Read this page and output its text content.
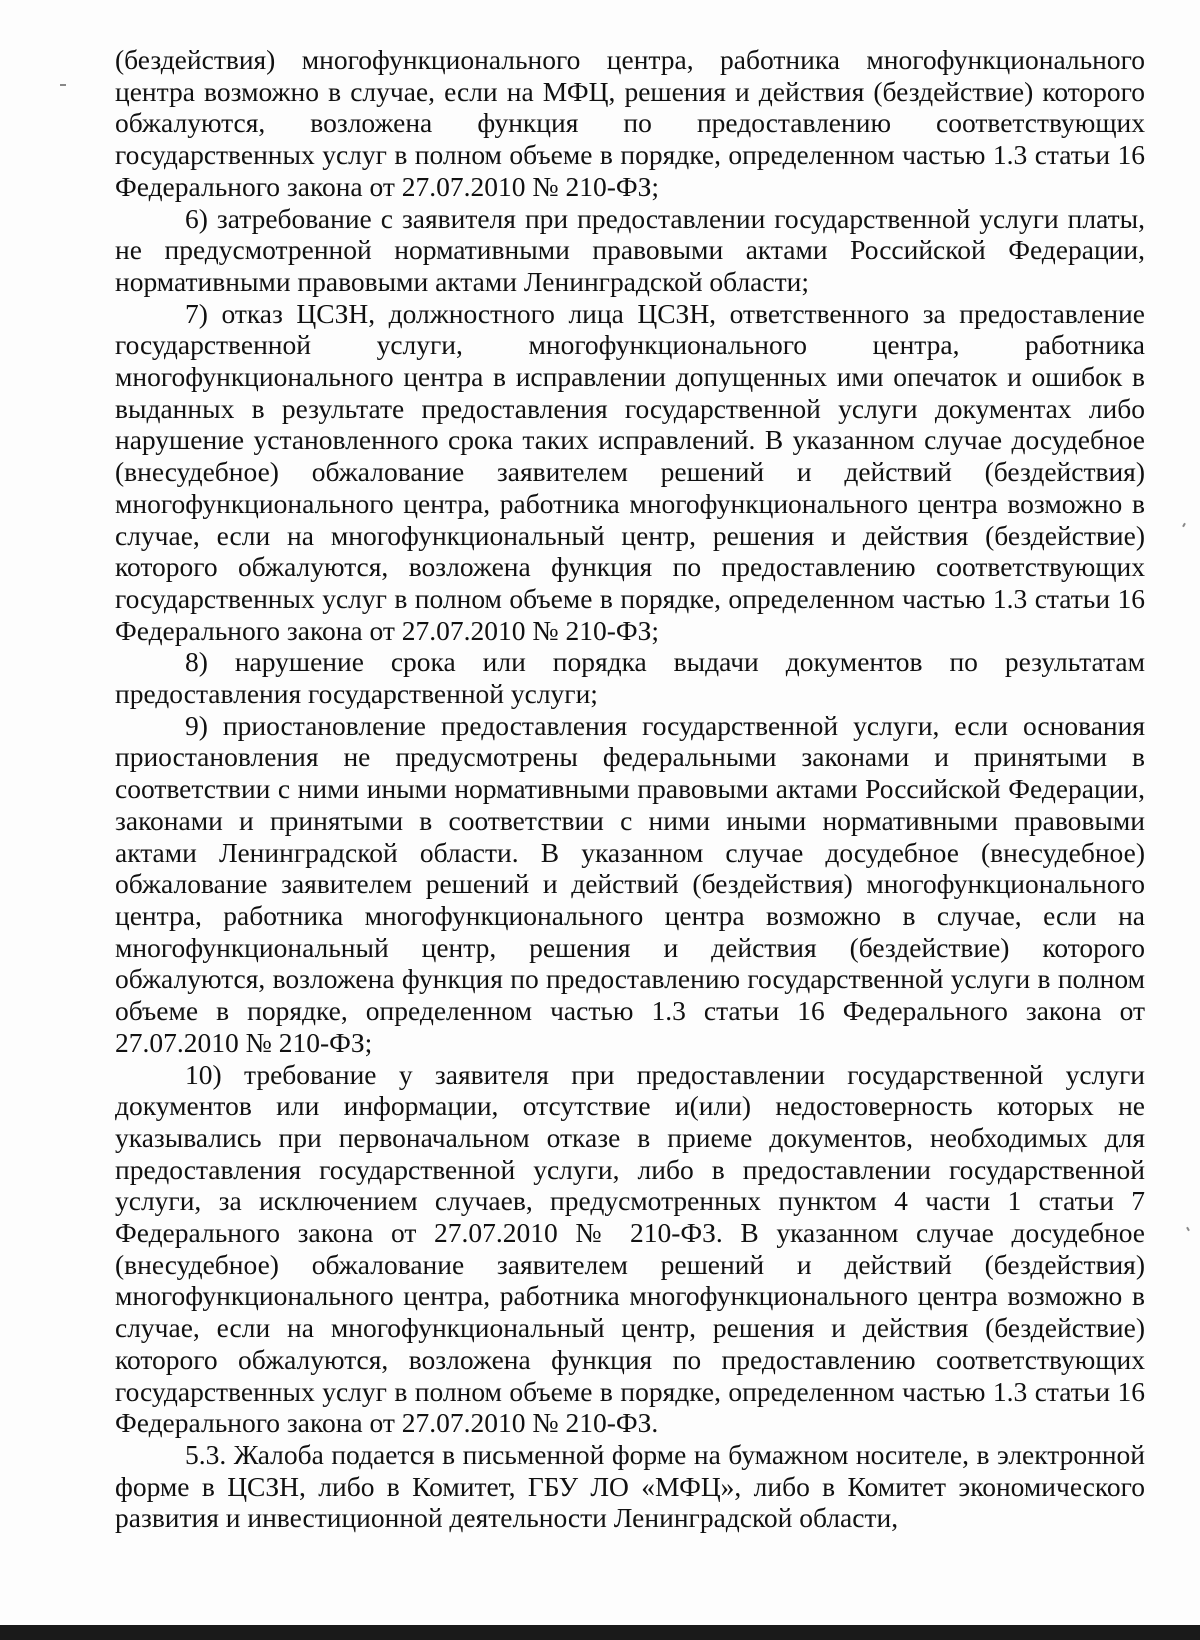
(бездействия) многофункционального центра, работника многофункционального центра возможно в случае, если на МФЦ, решения и действия (бездействие) которого обжалуются, возложена функция по предоставлению соответствующих государственных услуг в полном объеме в порядке, определенном частью 1.3 статьи 16 Федерального закона от 27.07.2010 № 210-ФЗ;

6) затребование с заявителя при предоставлении государственной услуги платы, не предусмотренной нормативными правовыми актами Российской Федерации, нормативными правовыми актами Ленинградской области;

7) отказ ЦСЗН, должностного лица ЦСЗН, ответственного за предоставление государственной услуги, многофункционального центра, работника многофункционального центра в исправлении допущенных ими опечаток и ошибок в выданных в результате предоставления государственной услуги документах либо нарушение установленного срока таких исправлений. В указанном случае досудебное (внесудебное) обжалование заявителем решений и действий (бездействия) многофункционального центра, работника многофункционального центра возможно в случае, если на многофункциональный центр, решения и действия (бездействие) которого обжалуются, возложена функция по предоставлению соответствующих государственных услуг в полном объеме в порядке, определенном частью 1.3 статьи 16 Федерального закона от 27.07.2010 № 210-ФЗ;

8) нарушение срока или порядка выдачи документов по результатам предоставления государственной услуги;

9) приостановление предоставления государственной услуги, если основания приостановления не предусмотрены федеральными законами и принятыми в соответствии с ними иными нормативными правовыми актами Российской Федерации, законами и принятыми в соответствии с ними иными нормативными правовыми актами Ленинградской области. В указанном случае досудебное (внесудебное) обжалование заявителем решений и действий (бездействия) многофункционального центра, работника многофункционального центра возможно в случае, если на многофункциональный центр, решения и действия (бездействие) которого обжалуются, возложена функция по предоставлению государственной услуги в полном объеме в порядке, определенном частью 1.3 статьи 16 Федерального закона от 27.07.2010 № 210-ФЗ;

10) требование у заявителя при предоставлении государственной услуги документов или информации, отсутствие и(или) недостоверность которых не указывались при первоначальном отказе в приеме документов, необходимых для предоставления государственной услуги, либо в предоставлении государственной услуги, за исключением случаев, предусмотренных пунктом 4 части 1 статьи 7 Федерального закона от 27.07.2010 № 210-ФЗ. В указанном случае досудебное (внесудебное) обжалование заявителем решений и действий (бездействия) многофункционального центра, работника многофункционального центра возможно в случае, если на многофункциональный центр, решения и действия (бездействие) которого обжалуются, возложена функция по предоставлению соответствующих государственных услуг в полном объеме в порядке, определенном частью 1.3 статьи 16 Федерального закона от 27.07.2010 № 210-ФЗ.

5.3. Жалоба подается в письменной форме на бумажном носителе, в электронной форме в ЦСЗН, либо в Комитет, ГБУ ЛО «МФЦ», либо в Комитет экономического развития и инвестиционной деятельности Ленинградской области,
